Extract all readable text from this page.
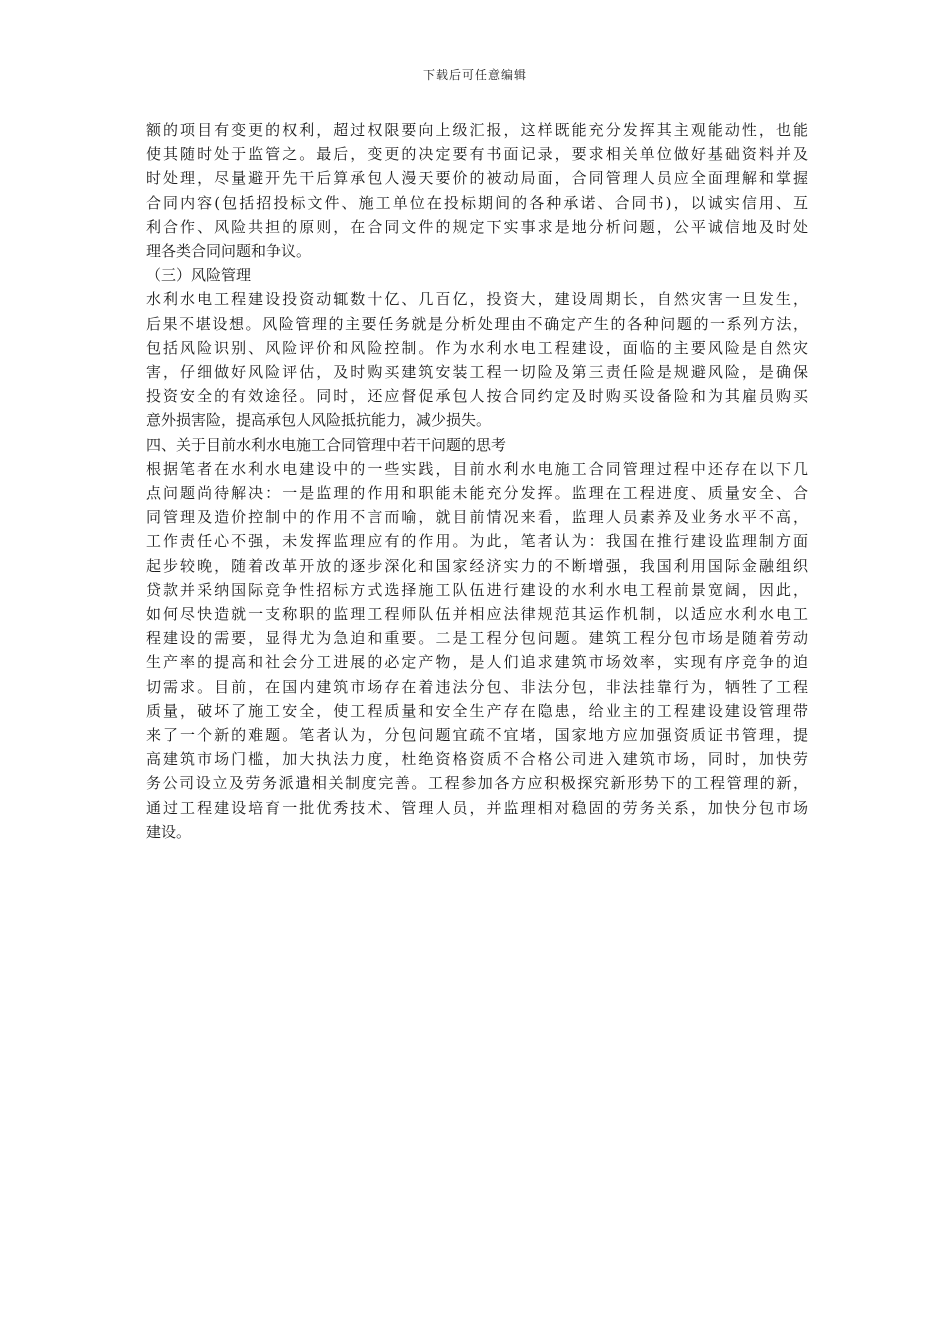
下载后可任意编辑
额的项目有变更的权利，超过权限要向上级汇报，这样既能充分发挥其主观能动性，也能
使其随时处于监管之。最后，变更的决定要有书面记录，要求相关单位做好基础资料并及
时处理，尽量避开先干后算承包人漫天要价的被动局面，合同管理人员应全面理解和掌握
合同内容(包括招投标文件、施工单位在投标期间的各种承诺、合同书)，以诚实信用、互
利合作、风险共担的原则，在合同文件的规定下实事求是地分析问题，公平诚信地及时处
理各类合同问题和争议。
（三）风险管理
水利水电工程建设投资动辄数十亿、几百亿，投资大，建设周期长，自然灾害一旦发生，
后果不堪设想。风险管理的主要任务就是分析处理由不确定产生的各种问题的一系列方法，
包括风险识别、风险评价和风险控制。作为水利水电工程建设，面临的主要风险是自然灾
害，仔细做好风险评估，及时购买建筑安装工程一切险及第三责任险是规避风险，是确保
投资安全的有效途径。同时，还应督促承包人按合同约定及时购买设备险和为其雇员购买
意外损害险，提高承包人风险抵抗能力，减少损失。
四、关于目前水利水电施工合同管理中若干问题的思考
根据笔者在水利水电建设中的一些实践，目前水利水电施工合同管理过程中还存在以下几
点问题尚待解决：一是监理的作用和职能未能充分发挥。监理在工程进度、质量安全、合
同管理及造价控制中的作用不言而喻，就目前情况来看，监理人员素养及业务水平不高，
工作责任心不强，未发挥监理应有的作用。为此，笔者认为：我国在推行建设监理制方面
起步较晚，随着改革开放的逐步深化和国家经济实力的不断增强，我国利用国际金融组织
贷款并采纳国际竞争性招标方式选择施工队伍进行建设的水利水电工程前景宽阔，因此，
如何尽快造就一支称职的监理工程师队伍并相应法律规范其运作机制，以适应水利水电工
程建设的需要，显得尤为急迫和重要。二是工程分包问题。建筑工程分包市场是随着劳动
生产率的提高和社会分工进展的必定产物，是人们追求建筑市场效率，实现有序竞争的迫
切需求。目前，在国内建筑市场存在着违法分包、非法分包，非法挂靠行为，牺牲了工程
质量，破坏了施工安全，使工程质量和安全生产存在隐患，给业主的工程建设建设管理带
来了一个新的难题。笔者认为，分包问题宜疏不宜堵，国家地方应加强资质证书管理，提
高建筑市场门槛，加大执法力度，杜绝资格资质不合格公司进入建筑市场，同时，加快劳
务公司设立及劳务派遣相关制度完善。工程参加各方应积极探究新形势下的工程管理的新，
通过工程建设培育一批优秀技术、管理人员，并监理相对稳固的劳务关系，加快分包市场
建设。
